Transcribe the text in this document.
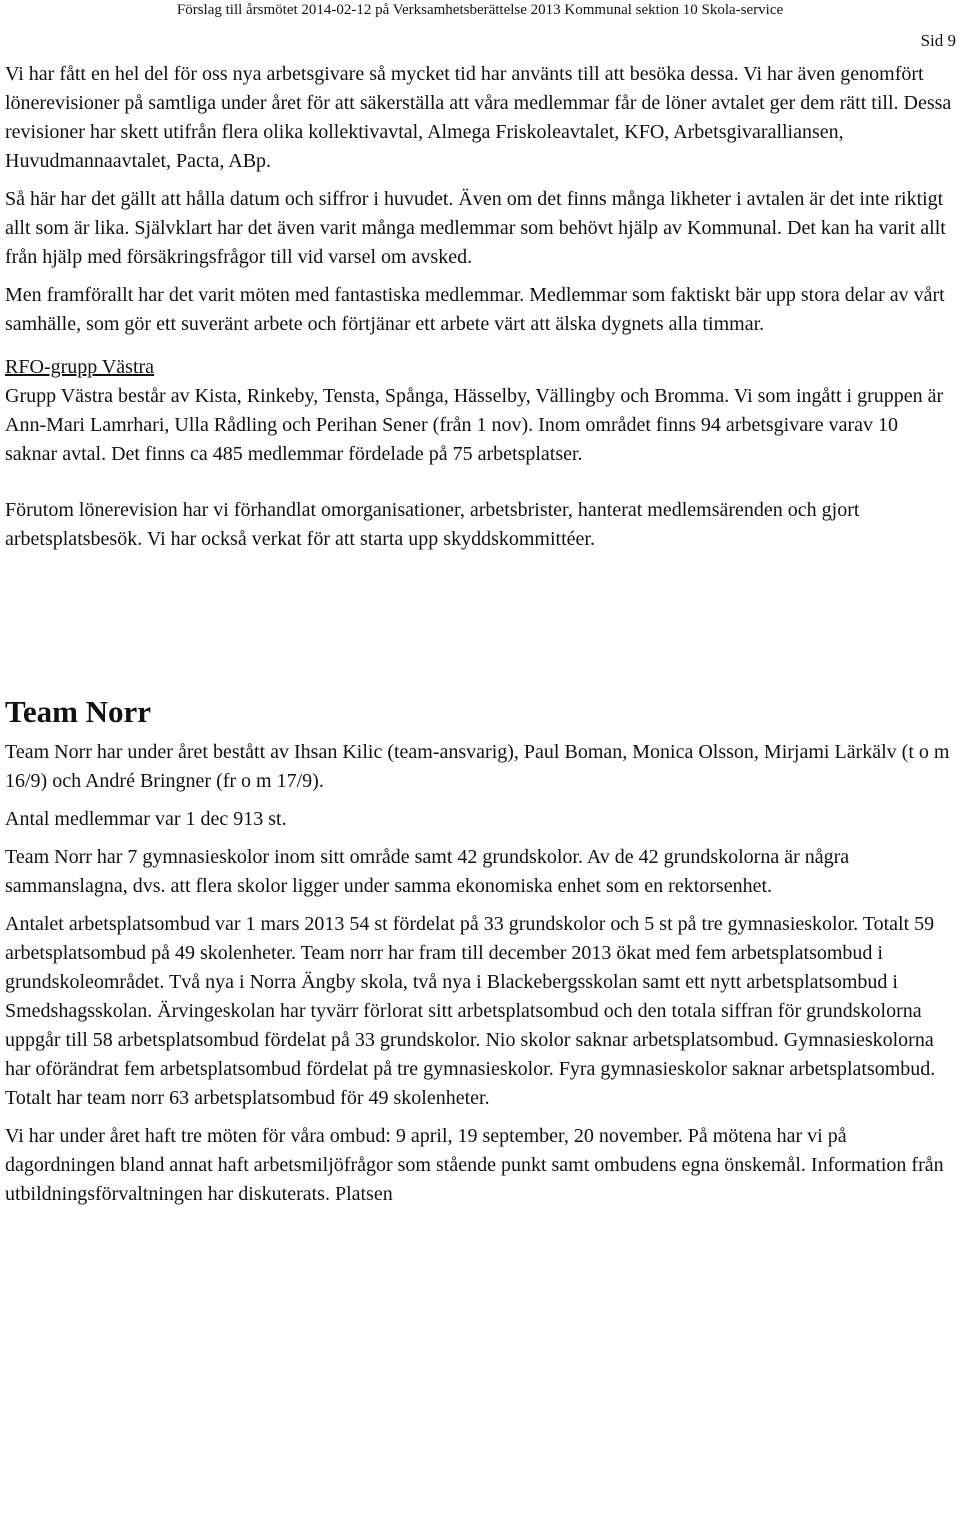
Förslag till årsmötet 2014-02-12 på Verksamhetsberättelse 2013 Kommunal sektion 10 Skola-service
Sid 9

Vi har fått en hel del för oss nya arbetsgivare så mycket tid har använts till att besöka dessa. Vi har även genomfört lönerevisioner på samtliga under året för att säkerställa att våra medlemmar får de löner avtalet ger dem rätt till. Dessa revisioner har skett utifrån flera olika kollektivavtal, Almega Friskoleavtalet, KFO, Arbetsgivaralliansen, Huvudmannaavtalet, Pacta, ABp.

Så här har det gällt att hålla datum och siffror i huvudet. Även om det finns många likheter i avtalen är det inte riktigt allt som är lika. Självklart har det även varit många medlemmar som behövt hjälp av Kommunal. Det kan ha varit allt från hjälp med försäkringsfrågor till vid varsel om avsked.

Men framförallt har det varit möten med fantastiska medlemmar. Medlemmar som faktiskt bär upp stora delar av vårt samhälle, som gör ett suveränt arbete och förtjänar ett arbete värt att älska dygnets alla timmar.

RFO-grupp Västra

Grupp Västra består av Kista, Rinkeby, Tensta, Spånga, Hässelby, Vällingby och Bromma. Vi som ingått i gruppen är Ann-Mari Lamrhari, Ulla Rådling och Perihan Sener (från 1 nov). Inom området finns 94 arbetsgivare varav 10 saknar avtal. Det finns ca 485 medlemmar fördelade på 75 arbetsplatser.

Förutom lönerevision har vi förhandlat omorganisationer, arbetsbrister, hanterat medlemsärenden och gjort arbetsplatsbesök. Vi har också verkat för att starta upp skyddskommittéer.

Team Norr

Team Norr har under året bestått av Ihsan Kilic (team-ansvarig), Paul Boman, Monica Olsson, Mirjami Lärkälv (t o m 16/9) och André Bringner (fr o m 17/9).

Antal medlemmar var 1 dec 913 st.

Team Norr har 7 gymnasieskolor inom sitt område samt 42 grundskolor. Av de 42 grundskolorna är några sammanslagna, dvs. att flera skolor ligger under samma ekonomiska enhet som en rektorsenhet.

Antalet arbetsplatsombud var 1 mars 2013 54 st fördelat på 33 grundskolor och 5 st på tre gymnasieskolor. Totalt 59 arbetsplatsombud på 49 skolenheter. Team norr har fram till december 2013 ökat med fem arbetsplatsombud i grundskoleområdet. Två nya i Norra Ängby skola, två nya i Blackebergsskolan samt ett nytt arbetsplatsombud i Smedshagsskolan. Ärvingeskolan har tyvärr förlorat sitt arbetsplatsombud och den totala siffran för grundskolorna uppgår till 58 arbetsplatsombud fördelat på 33 grundskolor. Nio skolor saknar arbetsplatsombud. Gymnasieskolorna har oförändrat fem arbetsplatsombud fördelat på tre gymnasieskolor. Fyra gymnasieskolor saknar arbetsplatsombud. Totalt har team norr 63 arbetsplatsombud för 49 skolenheter.

Vi har under året haft tre möten för våra ombud: 9 april, 19 september, 20 november. På mötena har vi på dagordningen bland annat haft arbetsmiljöfrågor som stående punkt samt ombudens egna önskemål. Information från utbildningsförvaltningen har diskuterats. Platsen
